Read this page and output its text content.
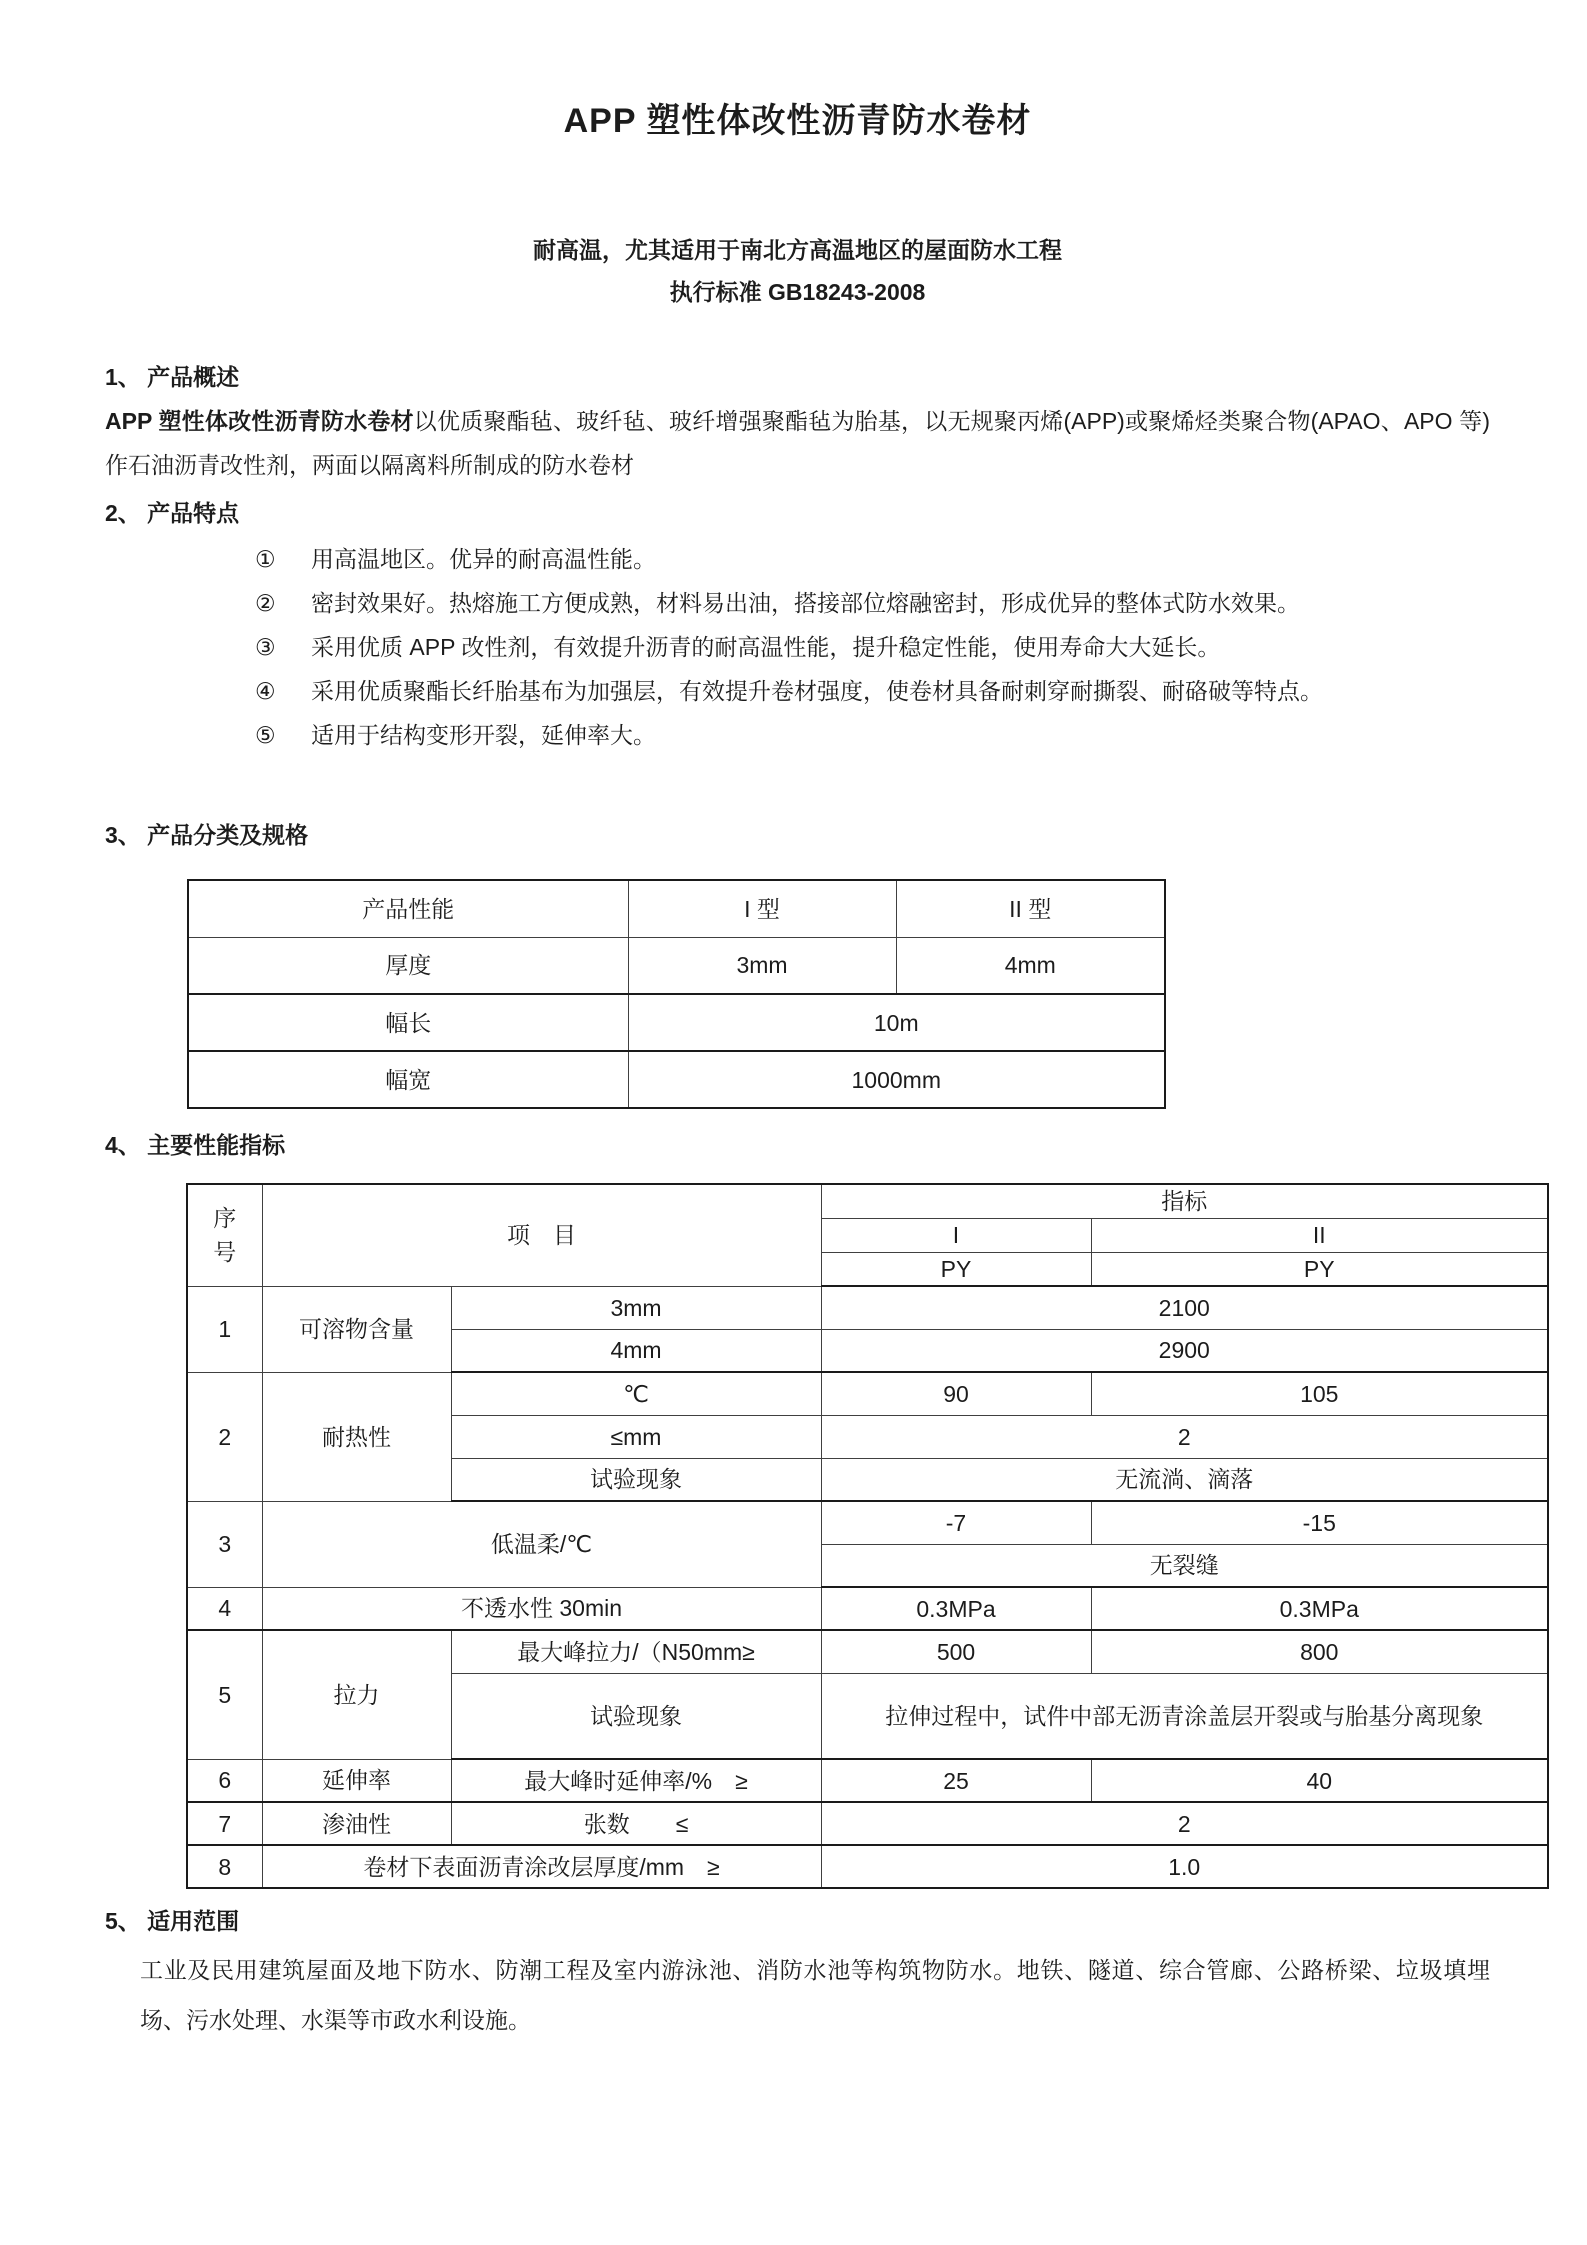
APP 塑性体改性沥青防水卷材
耐高温，尤其适用于南北方高温地区的屋面防水工程
执行标准 GB18243-2008
1、 产品概述
APP 塑性体改性沥青防水卷材以优质聚酯毡、玻纤毡、玻纤增强聚酯毡为胎基，以无规聚丙烯(APP)或聚烯烃类聚合物(APAO、APO 等)作石油沥青改性剂，两面以隔离料所制成的防水卷材
2、 产品特点
①	用高温地区。优异的耐高温性能。
②	密封效果好。热熔施工方便成熟，材料易出油，搭接部位熔融密封，形成优异的整体式防水效果。
③	采用优质 APP 改性剂，有效提升沥青的耐高温性能，提升稳定性能，使用寿命大大延长。
④	采用优质聚酯长纤胎基布为加强层，有效提升卷材强度，使卷材具备耐刺穿耐撕裂、耐硌破等特点。
⑤	适用于结构变形开裂，延伸率大。
3、 产品分类及规格
产品性能	I 型	II 型
厚度	3mm	4mm
幅长	10m	
幅宽	1000mm	
4、 主要性能指标
序
号	项　目		指标	
			I	II
			PY	PY
1	可溶物含量	3mm	2100	
		4mm	2900	
2	耐热性	℃	90	105
		≤mm	2	
		试验现象	无流淌、滴落	
3	低温柔/℃		-7	-15
			无裂缝	
4	不透水性 30min		0.3MPa	0.3MPa
5	拉力	最大峰拉力/（N50mm≥	500	800
		试验现象	拉伸过程中，试件中部无沥青涂盖层开裂或与胎基分离现象	
6	延伸率	最大峰时延伸率/%　≥	25	40
7	渗油性	张数　　≤	2	
8	卷材下表面沥青涂改层厚度/mm　≥		1.0	
5、 适用范围
工业及民用建筑屋面及地下防水、防潮工程及室内游泳池、消防水池等构筑物防水。地铁、隧道、综合管廊、公路桥梁、垃圾填埋场、污水处理、水渠等市政水利设施。
